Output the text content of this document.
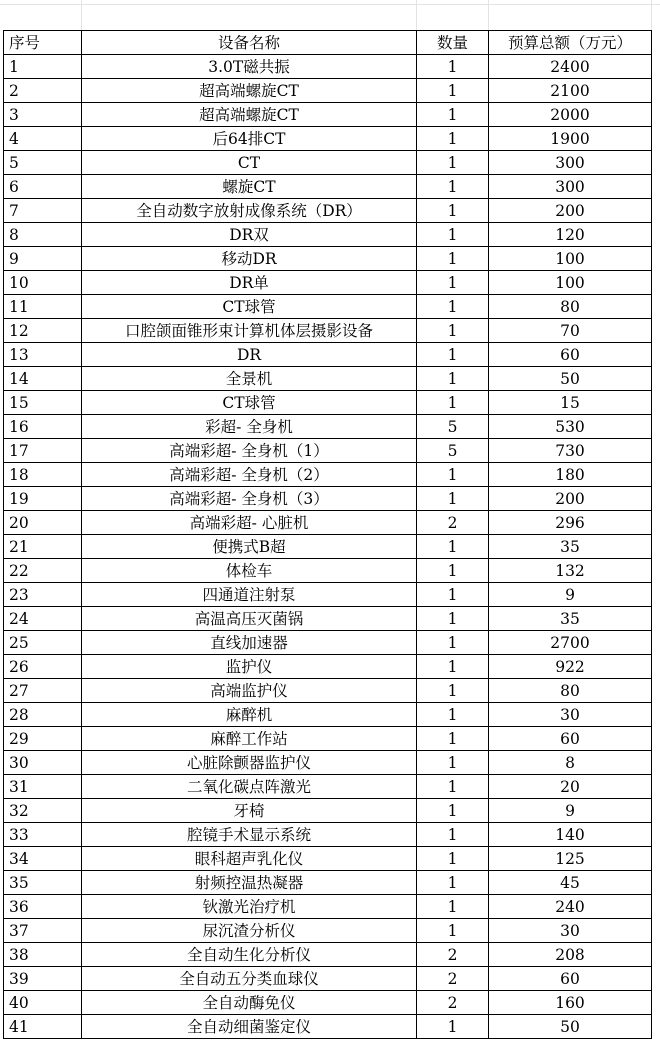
序号	设备名称	数量	预算总额（万元）
1	3.0T磁共振	1	2400
2	超高端螺旋CT	1	2100
3	超高端螺旋CT	1	2000
4	后64排CT	1	1900
5	CT	1	300
6	螺旋CT	1	300
7	全自动数字放射成像系统（DR）	1	200
8	DR双	1	120
9	移动DR	1	100
10	DR单	1	100
11	CT球管	1	80
12	口腔颌面锥形束计算机体层摄影设备	1	70
13	DR	1	60
14	全景机	1	50
15	CT球管	1	15
16	彩超- 全身机	5	530
17	高端彩超- 全身机（1）	5	730
18	高端彩超- 全身机（2）	1	180
19	高端彩超- 全身机（3）	1	200
20	高端彩超- 心脏机	2	296
21	便携式B超	1	35
22	体检车	1	132
23	四通道注射泵	1	9
24	高温高压灭菌锅	1	35
25	直线加速器	1	2700
26	监护仪	1	922
27	高端监护仪	1	80
28	麻醉机	1	30
29	麻醉工作站	1	60
30	心脏除颤器监护仪	1	8
31	二氧化碳点阵激光	1	20
32	牙椅	1	9
33	腔镜手术显示系统	1	140
34	眼科超声乳化仪	1	125
35	射频控温热凝器	1	45
36	钬激光治疗机	1	240
37	尿沉渣分析仪	1	30
38	全自动生化分析仪	2	208
39	全自动五分类血球仪	2	60
40	全自动酶免仪	2	160
41	全自动细菌鉴定仪	1	50
